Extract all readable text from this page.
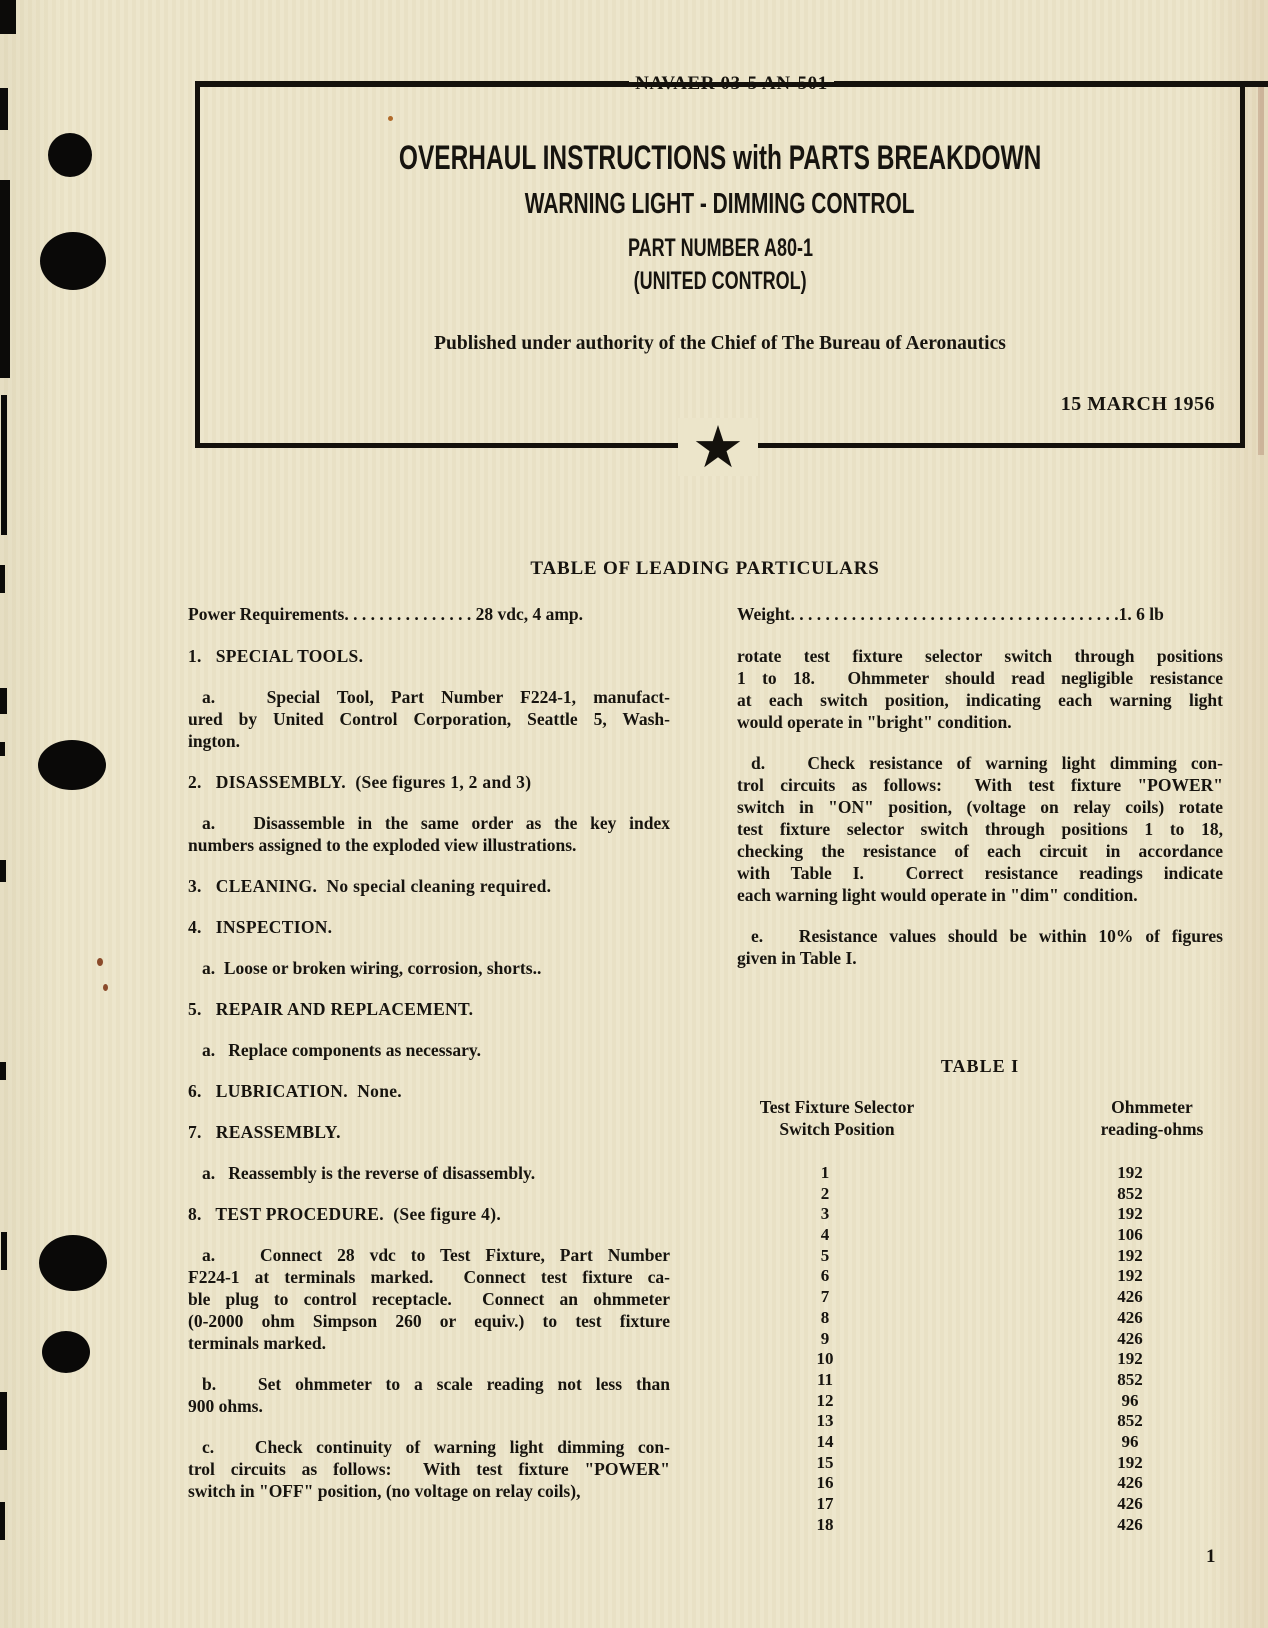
NAVAER 03-5 AN-501
OVERHAUL INSTRUCTIONS with PARTS BREAKDOWN
WARNING LIGHT - DIMMING CONTROL
PART NUMBER A80-1
(UNITED CONTROL)
Published under authority of the Chief of The Bureau of Aeronautics
15 MARCH 1956
★
TABLE OF LEADING PARTICULARS
Power Requirements. . . . . . . . . . . . . . . 28 vdc, 4 amp.	Weight. . . . . . . . . . . . . . . . . . . . . . . . . . . . . . . . . . . . . .1. 6 lb
1.   SPECIAL TOOLS.
a.   Special Tool, Part Number F224-1, manufact-
ured by United Control Corporation, Seattle 5, Wash-
ington.
2.   DISASSEMBLY.  (See figures 1, 2 and 3)
a.   Disassemble in the same order as the key index
numbers assigned to the exploded view illustrations.
3.   CLEANING.  No special cleaning required.
4.   INSPECTION.
a.  Loose or broken wiring, corrosion, shorts..
5.   REPAIR AND REPLACEMENT.
a.   Replace components as necessary.
6.   LUBRICATION.  None.
7.   REASSEMBLY.
a.   Reassembly is the reverse of disassembly.
8.   TEST PROCEDURE.  (See figure 4).
a.   Connect 28 vdc to Test Fixture, Part Number
F224-1 at terminals marked.  Connect test fixture ca-
ble plug to control receptacle.  Connect an ohmmeter
(0-2000 ohm Simpson 260 or equiv.) to test fixture
terminals marked.
b.   Set ohmmeter to a scale reading not less than
900 ohms.
c.   Check continuity of warning light dimming con-
trol circuits as follows:  With test fixture "POWER"
switch in "OFF" position, (no voltage on relay coils),
rotate test fixture selector switch through positions
1 to 18.  Ohmmeter should read negligible resistance
at each switch position, indicating each warning light
would operate in "bright" condition.
d.   Check resistance of warning light dimming con-
trol circuits as follows:  With test fixture "POWER"
switch in "ON" position, (voltage on relay coils) rotate
test fixture selector switch through positions 1 to 18,
checking the resistance of each circuit in accordance
with Table I.  Correct resistance readings indicate
each warning light would operate in "dim" condition.
e.   Resistance values should be within 10% of figures
given in Table I.
TABLE I
Test Fixture Selector
Switch Position
Ohmmeter
reading-ohms
1	192
2	852
3	192
4	106
5	192
6	192
7	426
8	426
9	426
10	192
11	852
12	96
13	852
14	96
15	192
16	426
17	426
18	426
1
